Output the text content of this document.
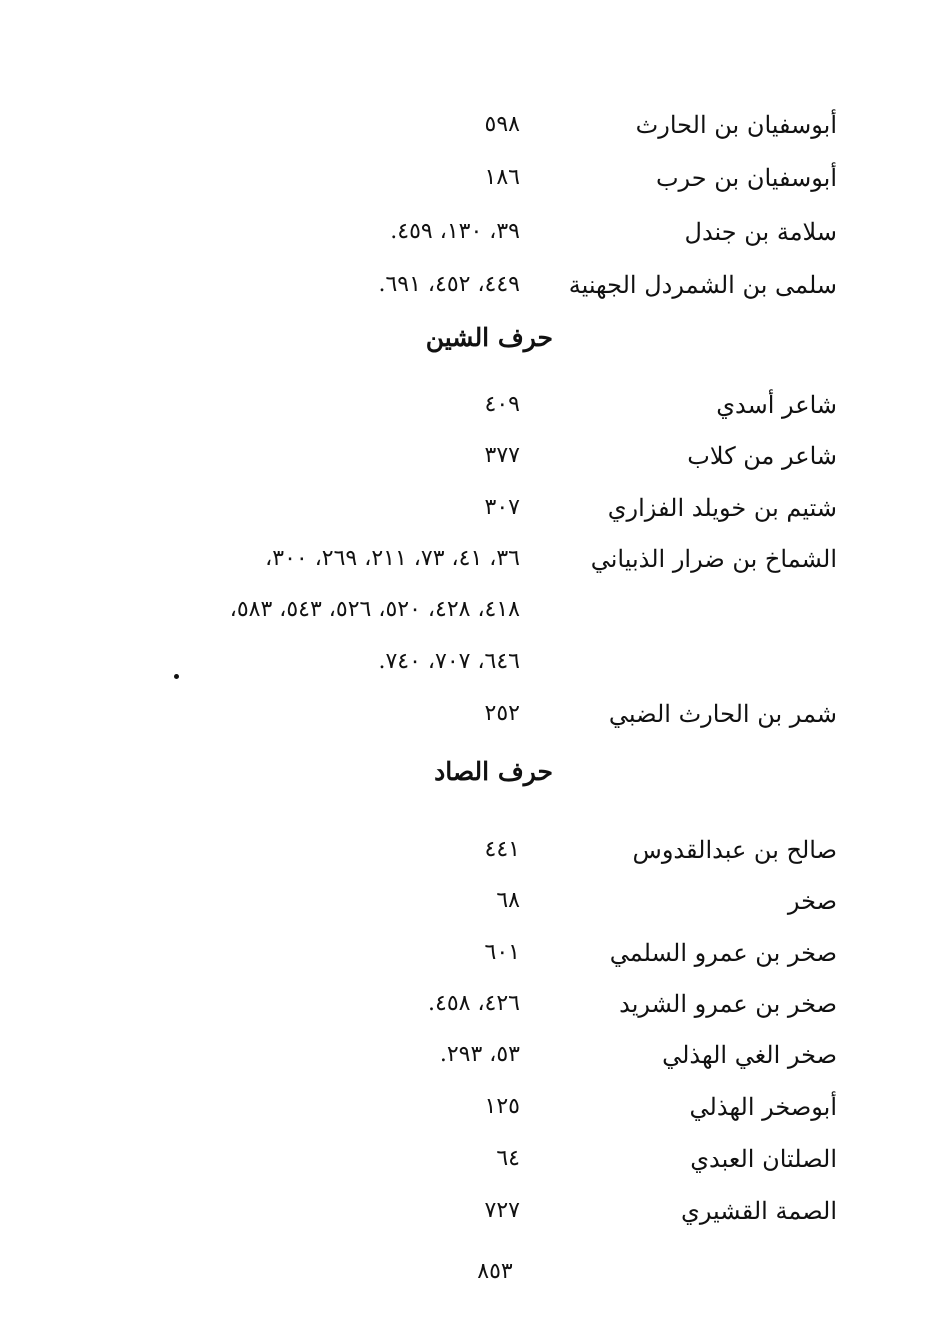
أبوسفيان بن الحارث
٥٩٨
أبوسفيان بن حرب
١٨٦
سلامة بن جندل
٣٩، ١٣٠، ٤٥٩.
سلمى بن الشمردل الجهنية
٤٤٩، ٤٥٢، ٦٩١.
حرف الشين
شاعر أسدي
٤٠٩
شاعر من كلاب
٣٧٧
شتيم بن خويلد الفزاري
٣٠٧
الشماخ بن ضرار الذبياني
٣٦، ٤١، ٧٣، ٢١١، ٢٦٩، ٣٠٠،
٤١٨، ٤٢٨، ٥٢٠، ٥٢٦، ٥٤٣، ٥٨٣،
٦٤٦، ٧٠٧، ٧٤٠.
شمر بن الحارث الضبي
٢٥٢
حرف الصاد
صالح بن عبدالقدوس
٤٤١
صخر
٦٨
صخر بن عمرو السلمي
٦٠١
صخر بن عمرو الشريد
٤٢٦، ٤٥٨.
صخر الغي الهذلي
٥٣، ٢٩٣.
أبوصخر الهذلي
١٢٥
الصلتان العبدي
٦٤
الصمة القشيري
٧٢٧
٨٥٣
